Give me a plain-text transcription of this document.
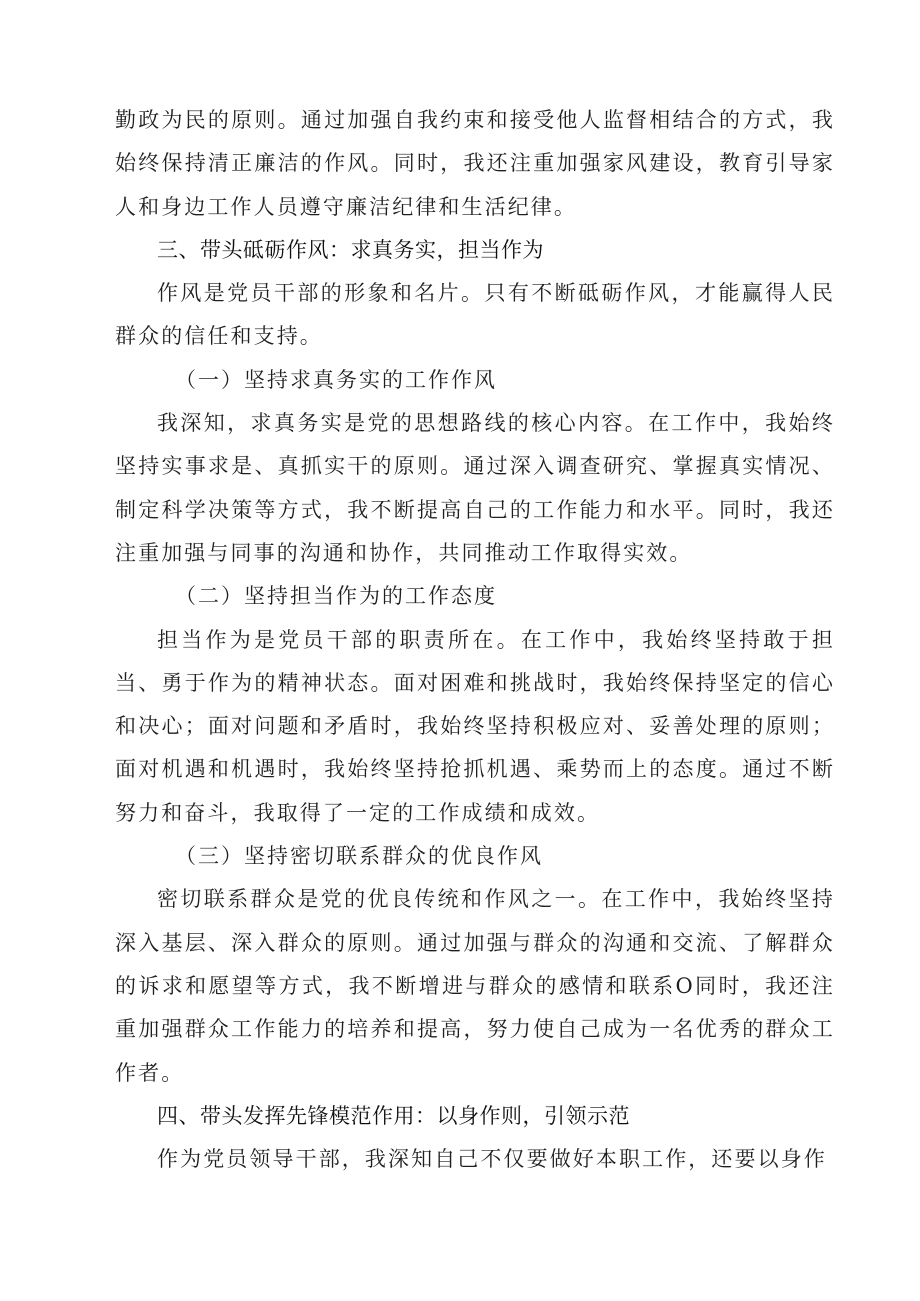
勤政为民的原则。通过加强自我约束和接受他人监督相结合的方式，我始终保持清正廉洁的作风。同时，我还注重加强家风建设，教育引导家人和身边工作人员遵守廉洁纪律和生活纪律。

三、带头砥砺作风：求真务实，担当作为

作风是党员干部的形象和名片。只有不断砥砺作风，才能赢得人民群众的信任和支持。

（一）坚持求真务实的工作作风

我深知，求真务实是党的思想路线的核心内容。在工作中，我始终坚持实事求是、真抓实干的原则。通过深入调查研究、掌握真实情况、制定科学决策等方式，我不断提高自己的工作能力和水平。同时，我还注重加强与同事的沟通和协作，共同推动工作取得实效。

（二）坚持担当作为的工作态度

担当作为是党员干部的职责所在。在工作中，我始终坚持敢于担当、勇于作为的精神状态。面对困难和挑战时，我始终保持坚定的信心和决心；面对问题和矛盾时，我始终坚持积极应对、妥善处理的原则；面对机遇和机遇时，我始终坚持抢抓机遇、乘势而上的态度。通过不断努力和奋斗，我取得了一定的工作成绩和成效。

（三）坚持密切联系群众的优良作风

密切联系群众是党的优良传统和作风之一。在工作中，我始终坚持深入基层、深入群众的原则。通过加强与群众的沟通和交流、了解群众的诉求和愿望等方式，我不断增进与群众的感情和联系O同时，我还注重加强群众工作能力的培养和提高，努力使自己成为一名优秀的群众工作者。

四、带头发挥先锋模范作用：以身作则，引领示范

作为党员领导干部，我深知自己不仅要做好本职工作，还要以身作
